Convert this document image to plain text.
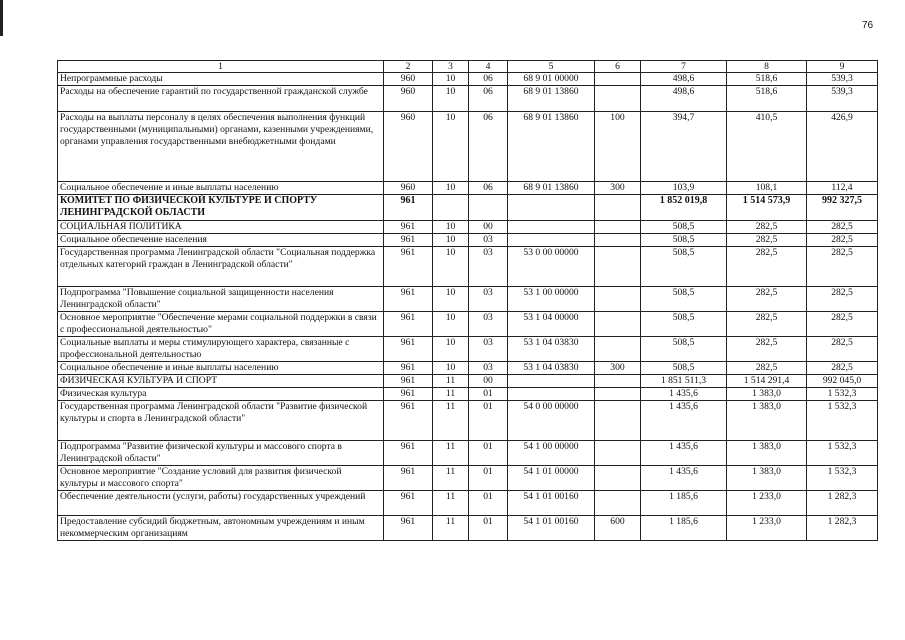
76
1	2	3	4	5	6	7	8	9
Непрограммные расходы	960	10	06	68 9 01 00000		498,6	518,6	539,3
Расходы на обеспечение гарантий по государственной гражданской службе	960	10	06	68 9 01 13860		498,6	518,6	539,3
Расходы на выплаты персоналу в целях обеспечения выполнения функций государственными (муниципальными) органами, казенными учреждениями, органами управления государственными внебюджетными фондами	960	10	06	68 9 01 13860	100	394,7	410,5	426,9
Социальное обеспечение и иные выплаты населению	960	10	06	68 9 01 13860	300	103,9	108,1	112,4
КОМИТЕТ ПО ФИЗИЧЕСКОЙ КУЛЬТУРЕ И СПОРТУ ЛЕНИНГРАДСКОЙ ОБЛАСТИ	961					1 852 019,8	1 514 573,9	992 327,5
СОЦИАЛЬНАЯ ПОЛИТИКА	961	10	00			508,5	282,5	282,5
Социальное обеспечение населения	961	10	03			508,5	282,5	282,5
Государственная программа Ленинградской области "Социальная поддержка отдельных категорий граждан в Ленинградской области"	961	10	03	53 0 00 00000		508,5	282,5	282,5
Подпрограмма "Повышение социальной защищенности населения Ленинградской области"	961	10	03	53 1 00 00000		508,5	282,5	282,5
Основное мероприятие "Обеспечение мерами социальной поддержки в связи с профессиональной деятельностью"	961	10	03	53 1 04 00000		508,5	282,5	282,5
Социальные выплаты и меры стимулирующего характера, связанные с профессиональной деятельностью	961	10	03	53 1 04 03830		508,5	282,5	282,5
Социальное обеспечение и иные выплаты населению	961	10	03	53 1 04 03830	300	508,5	282,5	282,5
ФИЗИЧЕСКАЯ КУЛЬТУРА И СПОРТ	961	11	00			1 851 511,3	1 514 291,4	992 045,0
Физическая культура	961	11	01			1 435,6	1 383,0	1 532,3
Государственная программа Ленинградской области "Развитие физической культуры и спорта в Ленинградской области"	961	11	01	54 0 00 00000		1 435,6	1 383,0	1 532,3
Подпрограмма "Развитие физической культуры и массового спорта в Ленинградской области"	961	11	01	54 1 00 00000		1 435,6	1 383,0	1 532,3
Основное мероприятие "Создание условий для развития физической культуры и массового спорта"	961	11	01	54 1 01 00000		1 435,6	1 383,0	1 532,3
Обеспечение деятельности (услуги, работы) государственных учреждений	961	11	01	54 1 01 00160		1 185,6	1 233,0	1 282,3
Предоставление субсидий бюджетным, автономным учреждениям и иным некоммерческим организациям	961	11	01	54 1 01 00160	600	1 185,6	1 233,0	1 282,3
